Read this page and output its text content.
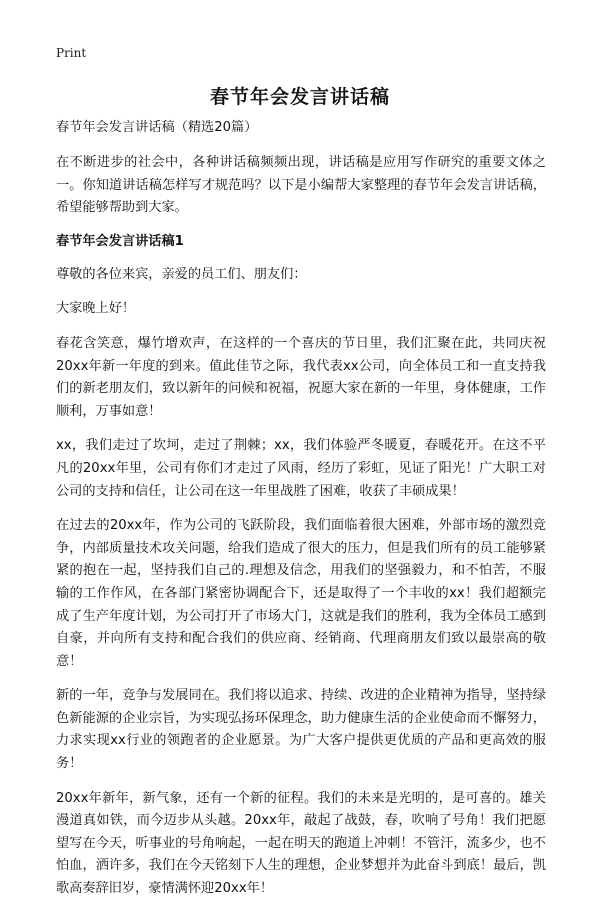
Print
春节年会发言讲话稿

春节年会发言讲话稿（精选20篇）

在不断进步的社会中，各种讲话稿频频出现，讲话稿是应用写作研究的重要文体之一。你知道讲话稿怎样写才规范吗？以下是小编帮大家整理的春节年会发言讲话稿，希望能够帮助到大家。

春节年会发言讲话稿1

尊敬的各位来宾，亲爱的员工们、朋友们：

大家晚上好！

春花含笑意，爆竹增欢声，在这样的一个喜庆的节日里，我们汇聚在此，共同庆祝20xx年新一年度的到来。值此佳节之际，我代表xx公司，向全体员工和一直支持我们的新老朋友们，致以新年的问候和祝福，祝愿大家在新的一年里，身体健康，工作顺利，万事如意！

xx，我们走过了坎坷，走过了荆棘；xx，我们体验严冬暖夏，春暖花开。在这不平凡的20xx年里，公司有你们才走过了风雨，经历了彩虹，见证了阳光！广大职工对公司的支持和信任，让公司在这一年里战胜了困难，收获了丰硕成果！

在过去的20xx年，作为公司的飞跃阶段，我们面临着很大困难，外部市场的激烈竞争，内部质量技术攻关问题，给我们造成了很大的压力，但是我们所有的员工能够紧紧的抱在一起，坚持我们自己的.理想及信念，用我们的坚强毅力，和不怕苦，不服输的工作作风，在各部门紧密协调配合下，还是取得了一个丰收的xx！我们超额完成了生产年度计划，为公司打开了市场大门，这就是我们的胜利，我为全体员工感到自豪，并向所有支持和配合我们的供应商、经销商、代理商朋友们致以最崇高的敬意！

新的一年，竞争与发展同在。我们将以追求、持续、改进的企业精神为指导，坚持绿色新能源的企业宗旨，为实现弘扬环保理念，助力健康生活的企业使命而不懈努力，力求实现xx行业的领跑者的企业愿景。为广大客户提供更优质的产品和更高效的服务！

20xx年新年，新气象，还有一个新的征程。我们的未来是光明的，是可喜的。雄关漫道真如铁，而今迈步从头越。20xx年，敲起了战鼓，春，吹响了号角！我们把愿望写在今天，听事业的号角响起，一起在明天的跑道上冲刺！不管汗，流多少，也不怕血，洒许多，我们在今天铭刻下人生的理想，企业梦想并为此奋斗到底！最后，凯歌高奏辞旧岁，豪情满怀迎20xx年！
